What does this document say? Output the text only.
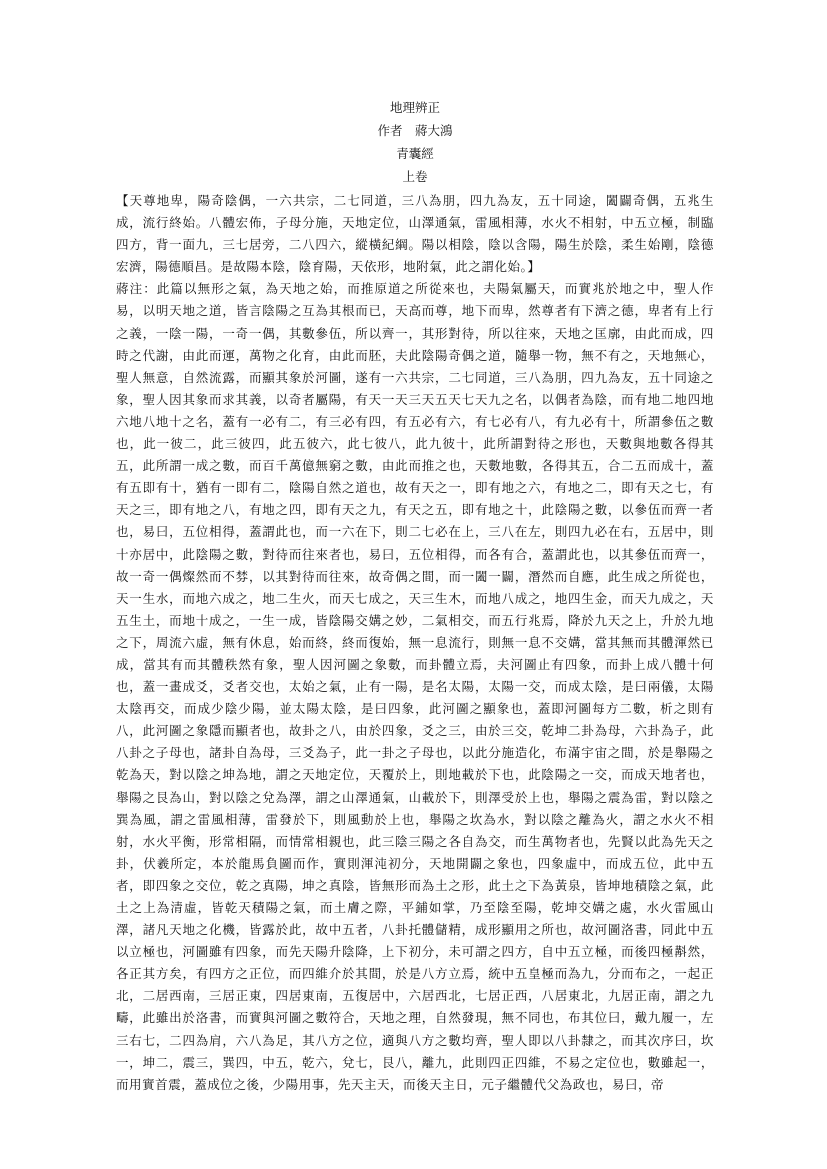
地理辨正

作者　蔣大鴻

青囊經

上卷

【天尊地卑，陽奇陰偶，一六共宗，二七同道，三八為朋，四九為友，五十同途，闔闢奇偶，五兆生成，流行終始。八體宏佈，子母分施，天地定位，山澤通氣，雷風相薄，水火不相射，中五立極，制臨四方，背一面九，三七居旁，二八四六，縱橫紀綱。陽以相陰，陰以含陽，陽生於陰，柔生始剛，陰德宏濟，陽德順昌。是故陽本陰，陰育陽，天依形，地附氣，此之謂化始。】

蔣注：此篇以無形之氣，為天地之始，而推原道之所從來也，夫陽氣屬天，而實兆於地之中，聖人作易，以明天地之道，皆言陰陽之互為其根而已，天高而尊，地下而卑，然尊者有下濟之德，卑者有上行之義，一陰一陽，一奇一偶，其數參伍，所以齊一，其形對待，所以往來，天地之匡廓，由此而成，四時之代謝，由此而運，萬物之化育，由此而胚，夫此陰陽奇偶之道，隨舉一物，無不有之，天地無心，聖人無意，自然流露，而顯其象於河圖，遂有一六共宗，二七同道，三八為朋，四九為友，五十同途之象，聖人因其象而求其義，以奇者屬陽，有天一天三天五天七天九之名，以偶者為陰，而有地二地四地六地八地十之名，蓋有一必有二，有三必有四，有五必有六，有七必有八，有九必有十，所謂參伍之數也，此一彼二，此三彼四，此五彼六，此七彼八，此九彼十，此所謂對待之形也，天數與地數各得其五，此所謂一成之數，而百千萬億無窮之數，由此而推之也，天數地數，各得其五，合二五而成十，蓋有五即有十，猶有一即有二，陰陽自然之道也，故有天之一，即有地之六，有地之二，即有天之七，有天之三，即有地之八，有地之四，即有天之九，有天之五，即有地之十，此陰陽之數，以參伍而齊一者也，易曰，五位相得，蓋謂此也，而一六在下，則二七必在上，三八在左，則四九必在右，五居中，則十亦居中，此陰陽之數，對待而往來者也，易曰，五位相得，而各有合，蓋謂此也，以其參伍而齊一，故一奇一偶燦然而不棼，以其對待而往來，故奇偶之間，而一闔一闢，潛然而自應，此生成之所從也，天一生水，而地六成之，地二生火，而天七成之，天三生木，而地八成之，地四生金，而天九成之，天五生土，而地十成之，一生一成，皆陰陽交媾之妙，二氣相交，而五行兆焉，降於九天之上，升於九地之下，周流六虛，無有休息，始而終，終而復始，無一息流行，則無一息不交媾，當其無而其體渾然已成，當其有而其體秩然有象，聖人因河圖之象數，而卦體立焉，夫河圖止有四象，而卦上成八體十何也，蓋一畫成爻，爻者交也，太始之氣，止有一陽，是名太陽，太陽一交，而成太陰，是曰兩儀，太陽太陰再交，而成少陰少陽，並太陽太陰，是曰四象，此河圖之顯象也，蓋即河圖每方二數，析之則有八，此河圖之象隱而顯者也，故卦之八，由於四象，爻之三，由於三交，乾坤二卦為母，六卦為子，此八卦之子母也，諸卦自為母，三爻為子，此一卦之子母也，以此分施造化，布滿宇宙之間，於是舉陽之乾為天，對以陰之坤為地，謂之天地定位，天覆於上，則地載於下也，此陰陽之一交，而成天地者也，舉陽之艮為山，對以陰之兌為澤，謂之山澤通氣，山載於下，則澤受於上也，舉陽之震為雷，對以陰之巽為風，謂之雷風相薄，雷發於下，則風動於上也，舉陽之坎為水，對以陰之離為火，謂之水火不相射，水火平衡，形常相隔，而情常相親也，此三陰三陽之各自為交，而生萬物者也，先賢以此為先天之卦，伏羲所定，本於龍馬負圖而作，實則渾沌初分，天地開闢之象也，四象虛中，而成五位，此中五者，即四象之交位，乾之真陽，坤之真陰，皆無形而為土之形，此土之下為黃泉，皆坤地積陰之氣，此土之上為清虛，皆乾天積陽之氣，而土膚之際，平鋪如掌，乃至陰至陽，乾坤交媾之處，水火雷風山澤，諸凡天地之化機，皆露於此，故中五者，八卦托體儲精，成形顯用之所也，故河圖洛書，同此中五以立極也，河圖雖有四象，而先天陽升陰降，上下初分，未可謂之四方，自中五立極，而後四極斠然，各正其方矣，有四方之正位，而四維介於其間，於是八方立焉，統中五皇極而為九，分而布之，一起正北，二居西南，三居正東，四居東南，五復居中，六居西北，七居正西，八居東北，九居正南，謂之九疇，此雖出於洛書，而實與河圖之數符合，天地之理，自然發現，無不同也，布其位曰，戴九履一，左三右七，二四為肩，六八為足，其八方之位，適與八方之數均齊，聖人即以八卦隸之，而其次序曰，坎一，坤二，震三，巽四，中五，乾六，兌七，艮八，離九，此則四正四維，不易之定位也，數雖起一，而用實首震，蓋成位之後，少陽用事，先天主天，而後天主日，元子繼體代父為政也，易曰，帝
